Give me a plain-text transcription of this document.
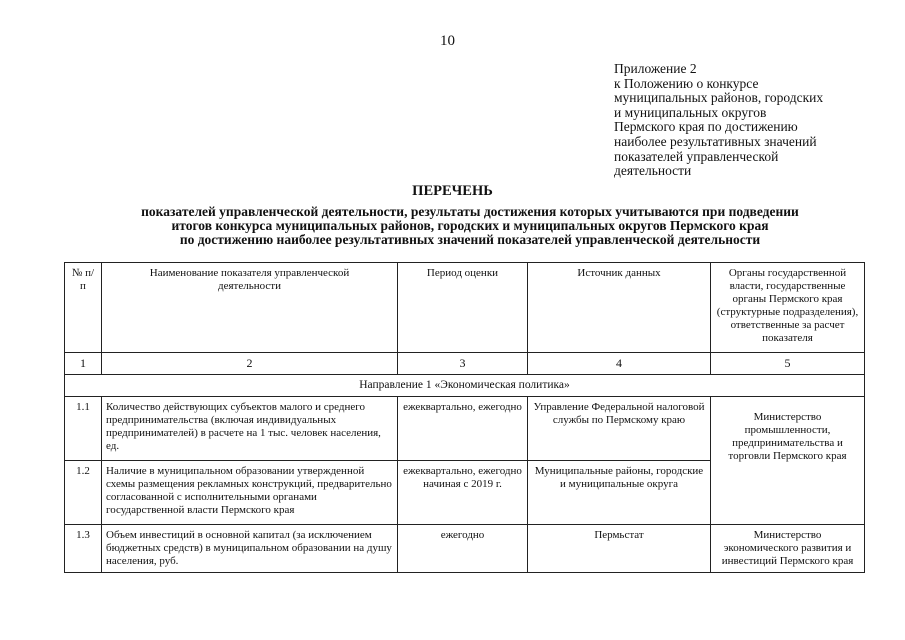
10
Приложение 2
к Положению о конкурсе
муниципальных районов, городских
и муниципальных округов
Пермского края по достижению
наиболее результативных значений
показателей управленческой
деятельности
ПЕРЕЧЕНЬ
показателей управленческой деятельности, результаты достижения которых учитываются при подведении
итогов конкурса муниципальных районов, городских и муниципальных округов Пермского края
по достижению наиболее результативных значений показателей управленческой деятельности
№ п/п	Наименование показателя управленческой деятельности	Период оценки	Источник данных	Органы государственной власти, государственные органы Пермского края (структурные подразделения), ответственные за расчет показателя
1	2	3	4	5
Направление 1 «Экономическая политика»				
1.1	Количество действующих субъектов малого и среднего предпринимательства (включая индивидуальных предпринимателей) в расчете на 1 тыс. человек населения, ед.	ежеквартально, ежегодно	Управление Федеральной налоговой службы по Пермскому краю	Министерство промышленности, предпринимательства и торговли Пермского края
1.2	Наличие в муниципальном образовании утвержденной схемы размещения рекламных конструкций, предварительно согласованной с исполнительными органами государственной власти Пермского края	ежеквартально, ежегодно начиная с 2019 г.	Муниципальные районы, городские и муниципальные округа	
1.3	Объем инвестиций в основной капитал (за исключением бюджетных средств) в муниципальном образовании на душу населения, руб.	ежегодно	Пермьстат	Министерство экономического развития и инвестиций Пермского края
